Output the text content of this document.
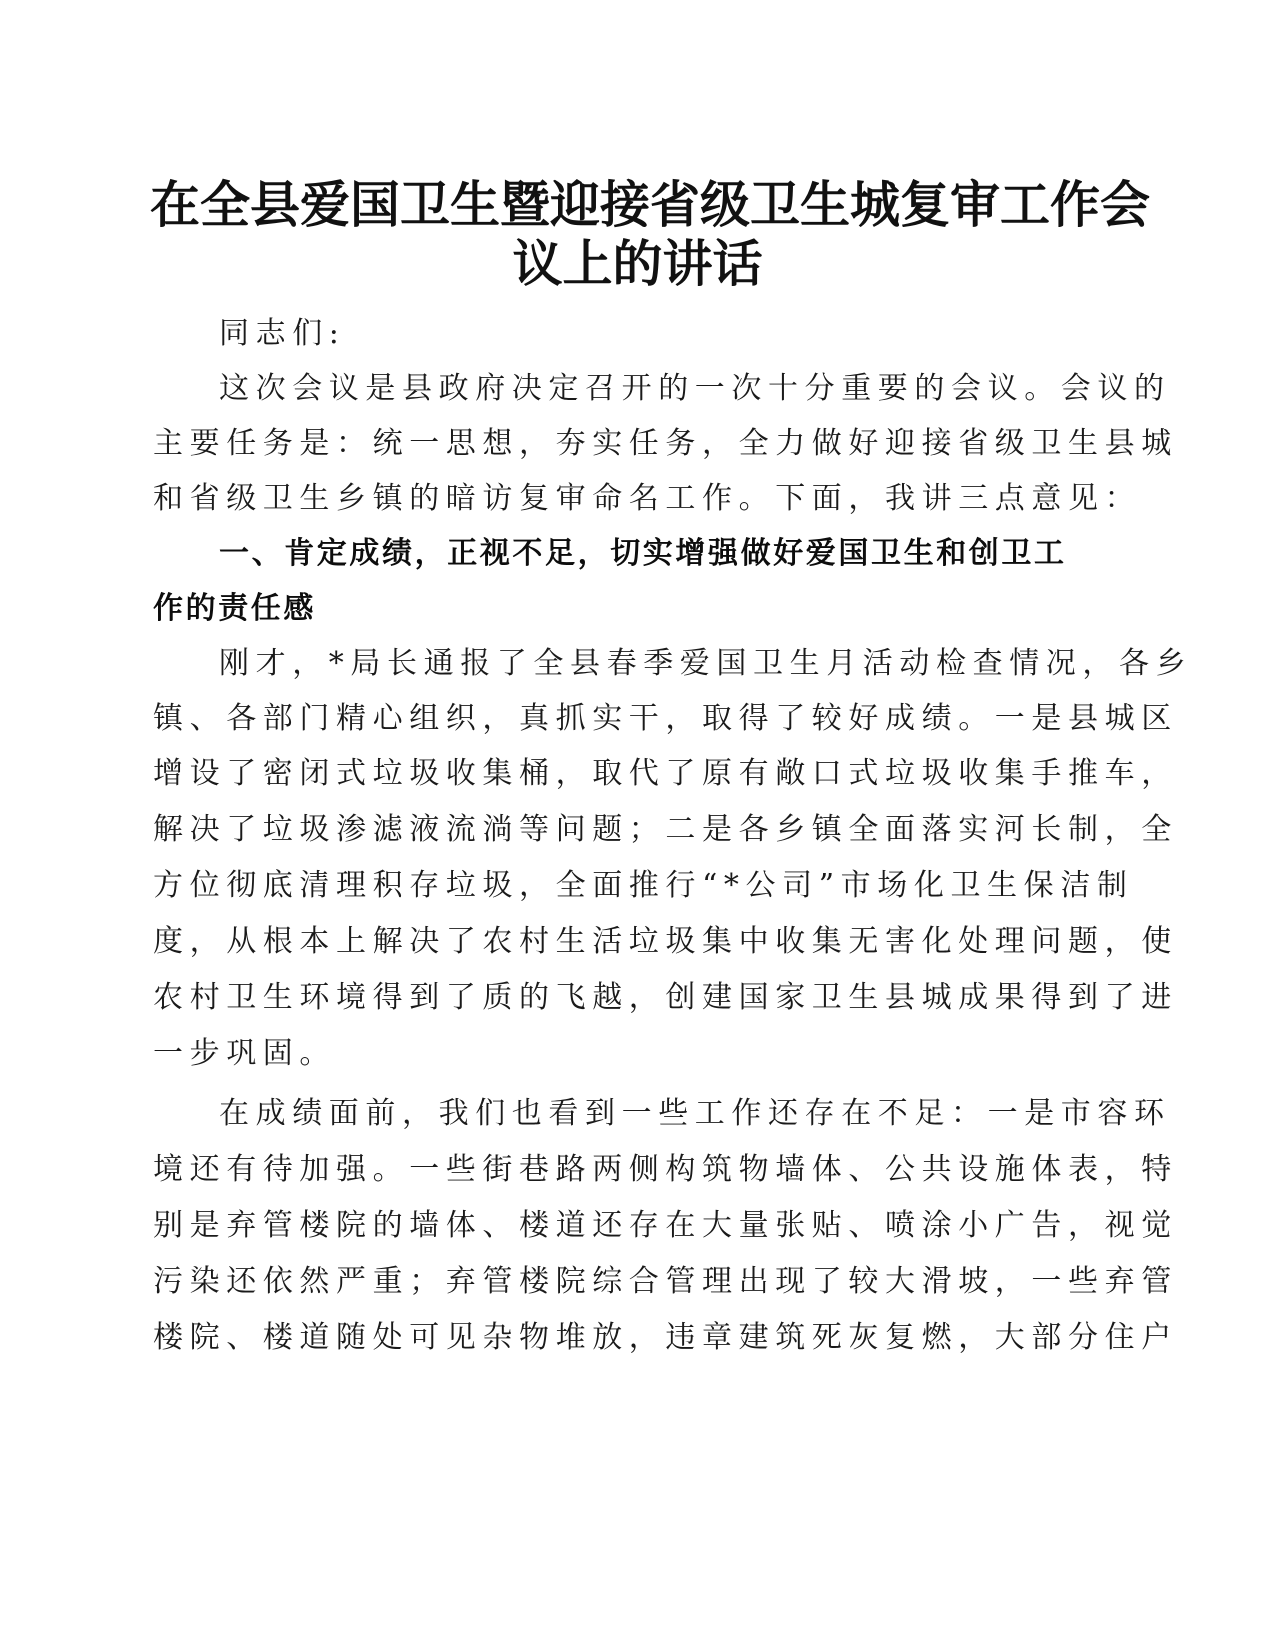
在全县爱国卫生暨迎接省级卫生城复审工作会
议上的讲话

同志们:

这次会议是县政府决定召开的一次十分重要的会议。会议的

主要任务是：统一思想，夯实任务，全力做好迎接省级卫生县城

和省级卫生乡镇的暗访复审命名工作。下面，我讲三点意见：

一、肯定成绩，正视不足，切实增强做好爱国卫生和创卫工

作的责任感

刚才，*局长通报了全县春季爱国卫生月活动检查情况，各乡

镇、各部门精心组织，真抓实干，取得了较好成绩。一是县城区

增设了密闭式垃圾收集桶，取代了原有敞口式垃圾收集手推车，

解决了垃圾渗滤液流淌等问题；二是各乡镇全面落实河长制，全

方位彻底清理积存垃圾，全面推行“*公司”市场化卫生保洁制

度，从根本上解决了农村生活垃圾集中收集无害化处理问题，使

农村卫生环境得到了质的飞越，创建国家卫生县城成果得到了进

一步巩固。

在成绩面前，我们也看到一些工作还存在不足：一是市容环

境还有待加强。一些街巷路两侧构筑物墙体、公共设施体表，特

别是弃管楼院的墙体、楼道还存在大量张贴、喷涂小广告，视觉

污染还依然严重；弃管楼院综合管理出现了较大滑坡，一些弃管

楼院、楼道随处可见杂物堆放，违章建筑死灰复燃，大部分住户
